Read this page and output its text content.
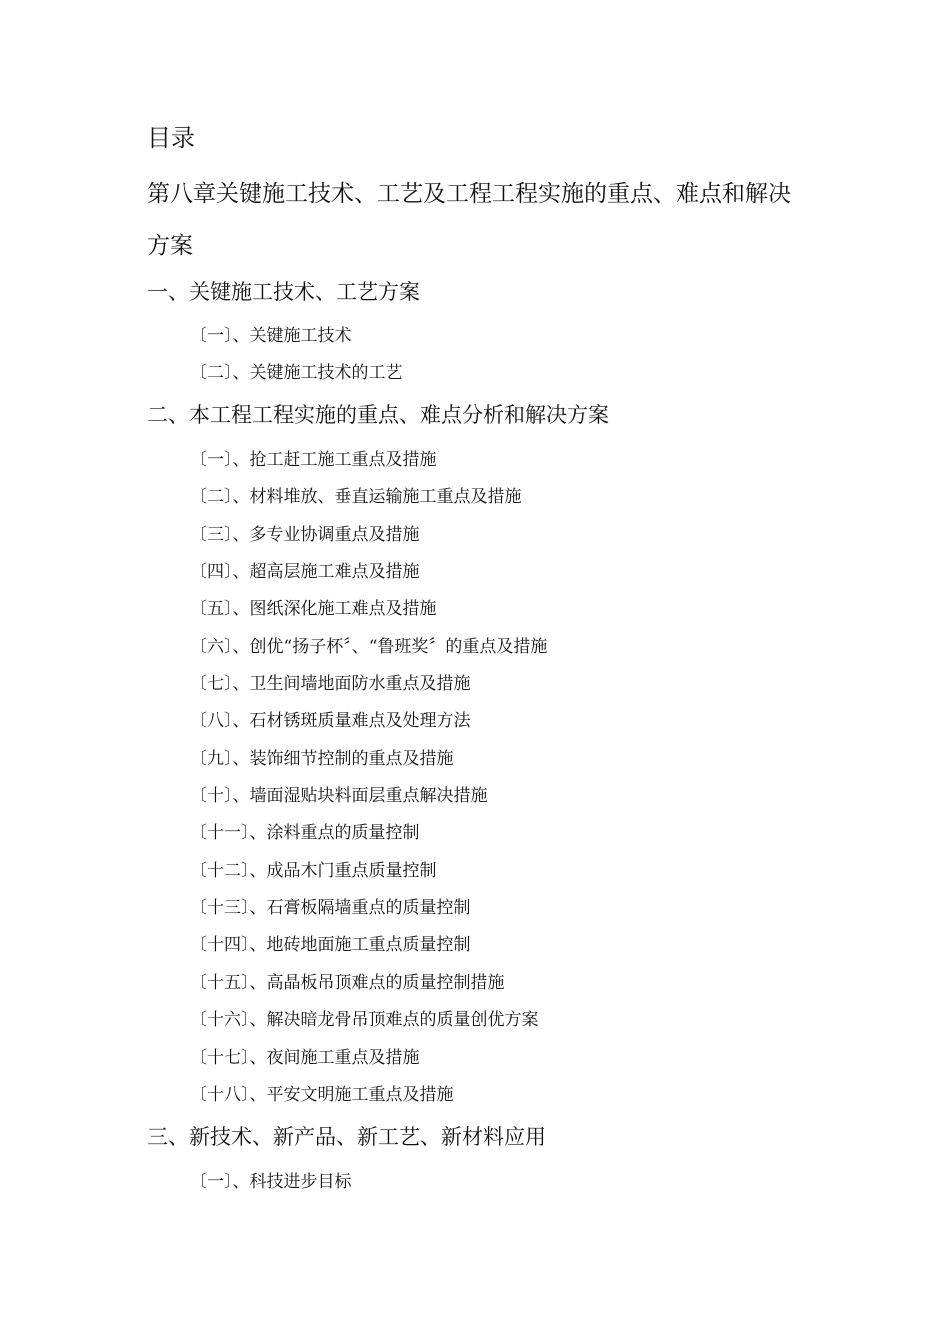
目录
第八章关键施工技术、工艺及工程工程实施的重点、难点和解决方案
一、关键施工技术、工艺方案
〔一〕、关键施工技术
〔二〕、关键施工技术的工艺
二、本工程工程实施的重点、难点分析和解决方案
〔一〕、抢工赶工施工重点及措施
〔二〕、材料堆放、垂直运输施工重点及措施
〔三〕、多专业协调重点及措施
〔四〕、超高层施工难点及措施
〔五〕、图纸深化施工难点及措施
〔六〕、创优“扬子杯〞、“鲁班奖〞的重点及措施
〔七〕、卫生间墙地面防水重点及措施
〔八〕、石材锈斑质量难点及处理方法
〔九〕、装饰细节控制的重点及措施
〔十〕、墙面湿贴块料面层重点解决措施
〔十一〕、涂料重点的质量控制
〔十二〕、成品木门重点质量控制
〔十三〕、石膏板隔墙重点的质量控制
〔十四〕、地砖地面施工重点质量控制
〔十五〕、高晶板吊顶难点的质量控制措施
〔十六〕、解决暗龙骨吊顶难点的质量创优方案
〔十七〕、夜间施工重点及措施
〔十八〕、平安文明施工重点及措施
三、新技术、新产品、新工艺、新材料应用
〔一〕、科技进步目标
